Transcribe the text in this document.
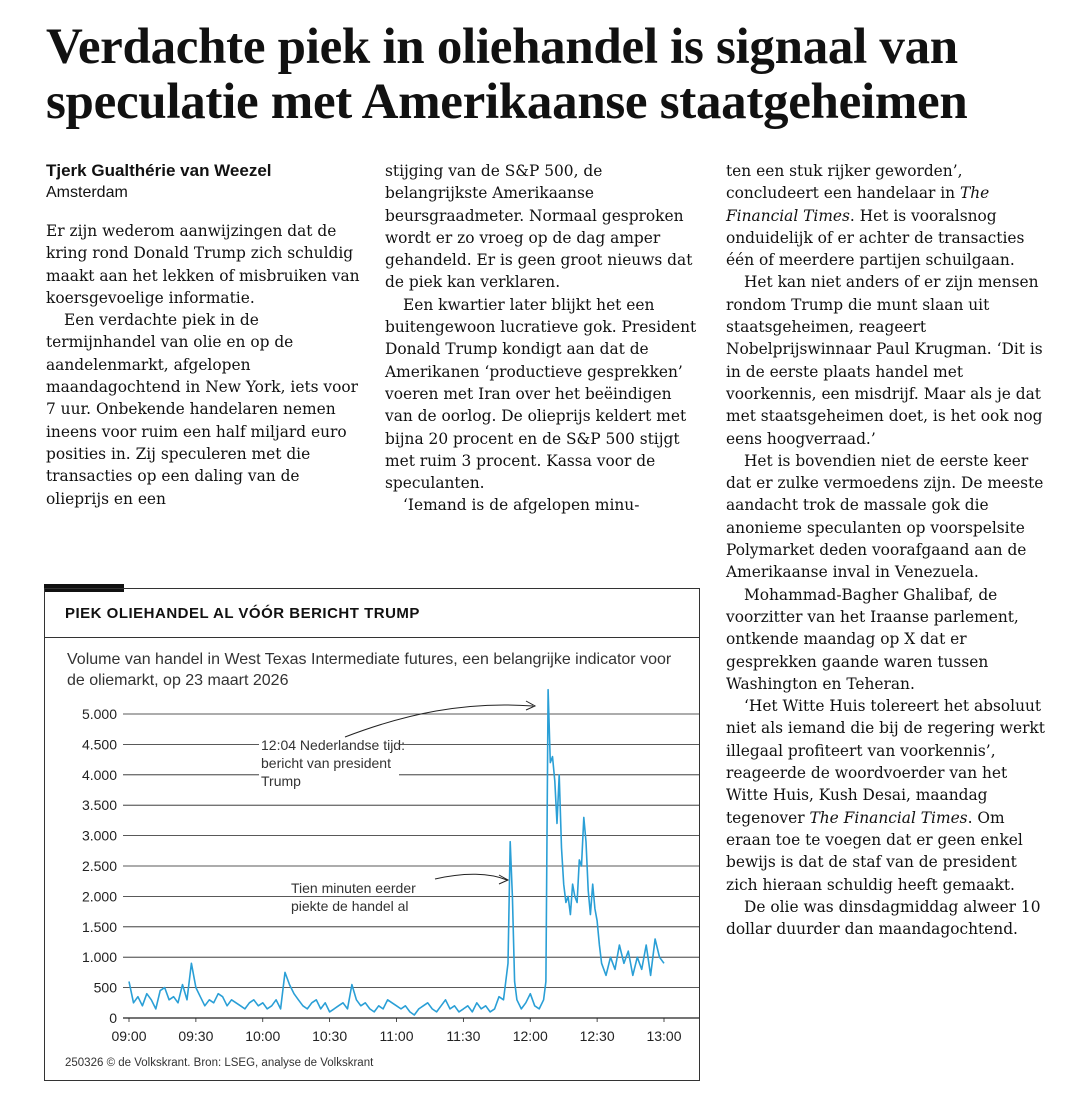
Verdachte piek in oliehandel is signaal van
speculatie met Amerikaanse staatgeheimen
Tjerk Gualthérie van Weezel
Amsterdam

Er zijn wederom aanwijzingen dat de kring rond Donald Trump zich schuldig maakt aan het lekken of misbruiken van koersgevoelige informatie.

Een verdachte piek in de termijnhandel van olie en op de aandelenmarkt, afgelopen maandagochtend in New York, iets voor 7 uur. Onbekende handelaren nemen ineens voor ruim een half miljard euro posities in. Zij speculeren met die transacties op een daling van de olieprijs en een

stijging van de S&P 500, de belangrijkste Amerikaanse beursgraadmeter. Normaal gesproken wordt er zo vroeg op de dag amper gehandeld. Er is geen groot nieuws dat de piek kan verklaren.

Een kwartier later blijkt het een buitengewoon lucratieve gok. President Donald Trump kondigt aan dat de Amerikanen ‘productieve gesprekken’ voeren met Iran over het beëindigen van de oorlog. De olieprijs keldert met bijna 20 procent en de S&P 500 stijgt met ruim 3 procent. Kassa voor de speculanten.

‘Iemand is de afgelopen minu-

ten een stuk rijker geworden’, concludeert een handelaar in The Financial Times. Het is vooralsnog onduidelijk of er achter de transacties één of meerdere partijen schuilgaan.

Het kan niet anders of er zijn mensen rondom Trump die munt slaan uit staatsgeheimen, reageert Nobelprijswinnaar Paul Krugman. ‘Dit is in de eerste plaats handel met voorkennis, een misdrijf. Maar als je dat met staatsgeheimen doet, is het ook nog eens hoogverraad.’

Het is bovendien niet de eerste keer dat er zulke vermoedens zijn. De meeste aandacht trok de massale gok die anonieme speculanten op voorspelsite Polymarket deden voorafgaand aan de Amerikaanse inval in Venezuela.

Mohammad-Bagher Ghalibaf, de voorzitter van het Iraanse parlement, ontkende maandag op X dat er gesprekken gaande waren tussen Washington en Teheran.

‘Het Witte Huis tolereert het absoluut niet als iemand die bij de regering werkt illegaal profiteert van voorkennis’, reageerde de woordvoerder van het Witte Huis, Kush Desai, maandag tegenover The Financial Times. Om eraan toe te voegen dat er geen enkel bewijs is dat de staf van de president zich hieraan schuldig heeft gemaakt.

De olie was dinsdagmiddag alweer 10 dollar duurder dan maandagochtend.

PIEK OLIEHANDEL AL VÓÓR BERICHT TRUMP
Volume van handel in West Texas Intermediate futures, een belangrijke indicator voor de oliemarkt, op 23 maart 2026
0
500
1.000
1.500
2.000
2.500
3.000
3.500
4.000
4.500
5.000
09:00 09:30 10:00 10:30 11:00 11:30 12:00 12:30 13:00
12:04 Nederlandse tijd:
bericht van president
Trump
Tien minuten eerder
piekte de handel al
250326 © de Volkskrant. Bron: LSEG, analyse de Volkskrant
